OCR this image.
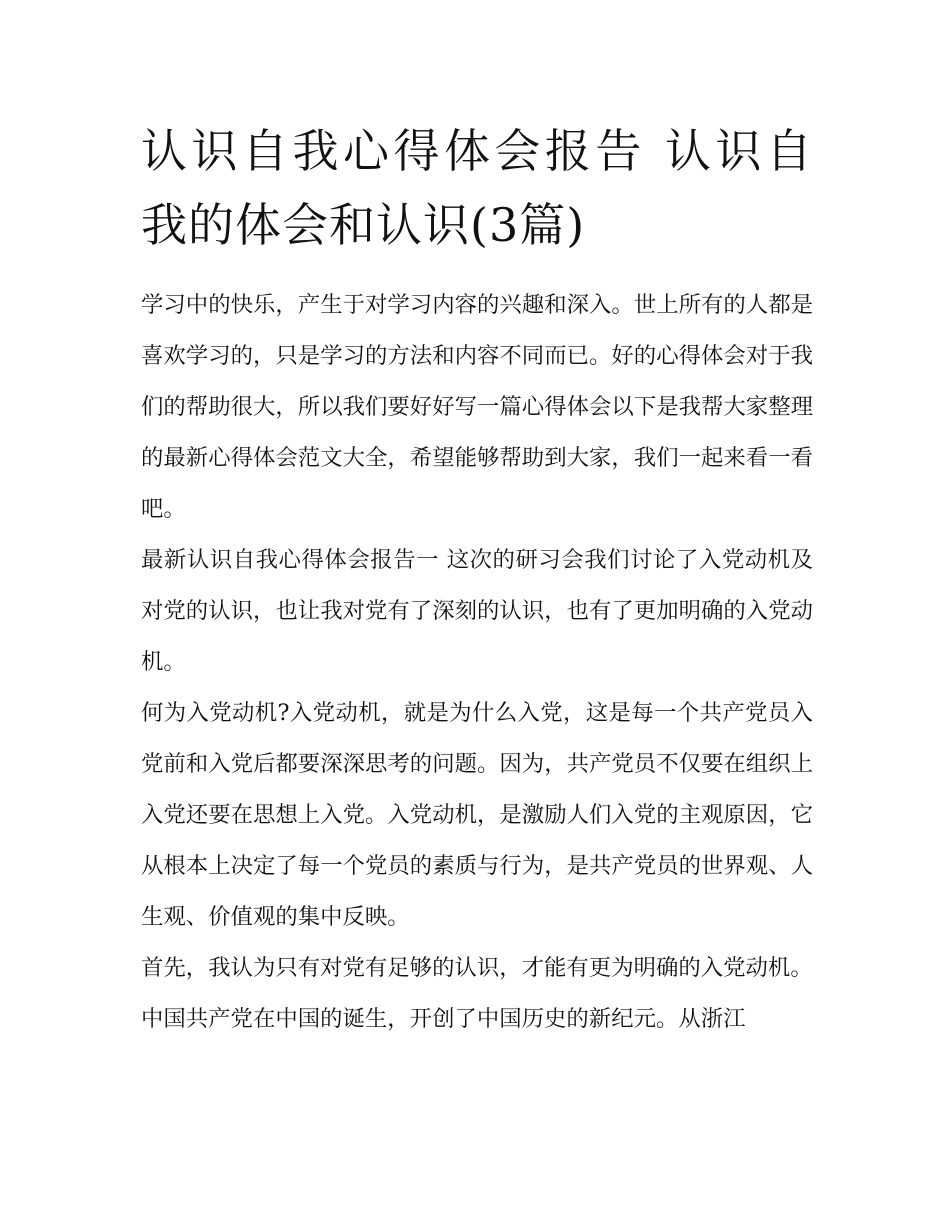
认识自我心得体会报告 认识自我的体会和认识(3篇)

学习中的快乐，产生于对学习内容的兴趣和深入。世上所有的人都是喜欢学习的，只是学习的方法和内容不同而已。好的心得体会对于我们的帮助很大，所以我们要好好写一篇心得体会以下是我帮大家整理的最新心得体会范文大全，希望能够帮助到大家，我们一起来看一看吧。

最新认识自我心得体会报告一 这次的研习会我们讨论了入党动机及对党的认识，也让我对党有了深刻的认识，也有了更加明确的入党动机。

何为入党动机?入党动机，就是为什么入党，这是每一个共产党员入党前和入党后都要深深思考的问题。因为，共产党员不仅要在组织上入党还要在思想上入党。入党动机，是激励人们入党的主观原因，它从根本上决定了每一个党员的素质与行为，是共产党员的世界观、人生观、价值观的集中反映。

首先，我认为只有对党有足够的认识，才能有更为明确的入党动机。

中国共产党在中国的诞生，开创了中国历史的新纪元。从浙江
